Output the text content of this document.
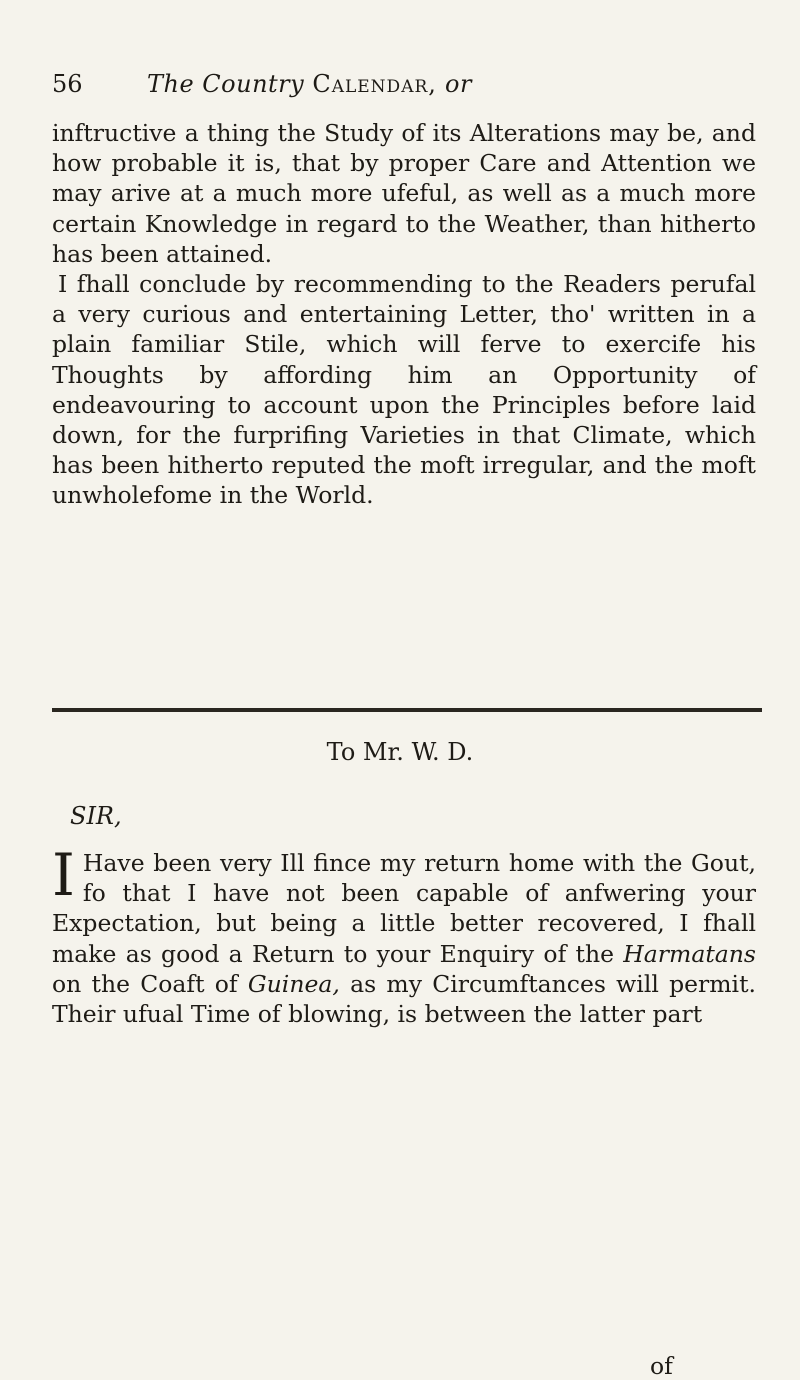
56	The Country Calendar, or

inftructive a thing the Study of its Alterations may be, and how probable it is, that by proper Care and Attention we may arive at a much more ufeful, as well as a much more certain Knowledge in regard to the Weather, than hitherto has been attained.

I fhall conclude by recommending to the Readers perufal a very curious and entertaining Letter, tho' written in a plain familiar Stile, which will ferve to exercife his Thoughts by affording him an Opportunity of endeavouring to account upon the Principles before laid down, for the furprifing Varieties in that Climate, which has been hitherto reputed the moft irregular, and the moft unwholefome in the World.

To Mr. W. D.
SIR,
I Have been very Ill fince my return home with the Gout, fo that I have not been capable of anfwering your Expectation, but being a little better recovered, I fhall make as good a Return to your Enquiry of the Harmatans on the Coaft of Guinea, as my Circumftances will permit. Their ufual Time of blowing, is between the latter part
of
